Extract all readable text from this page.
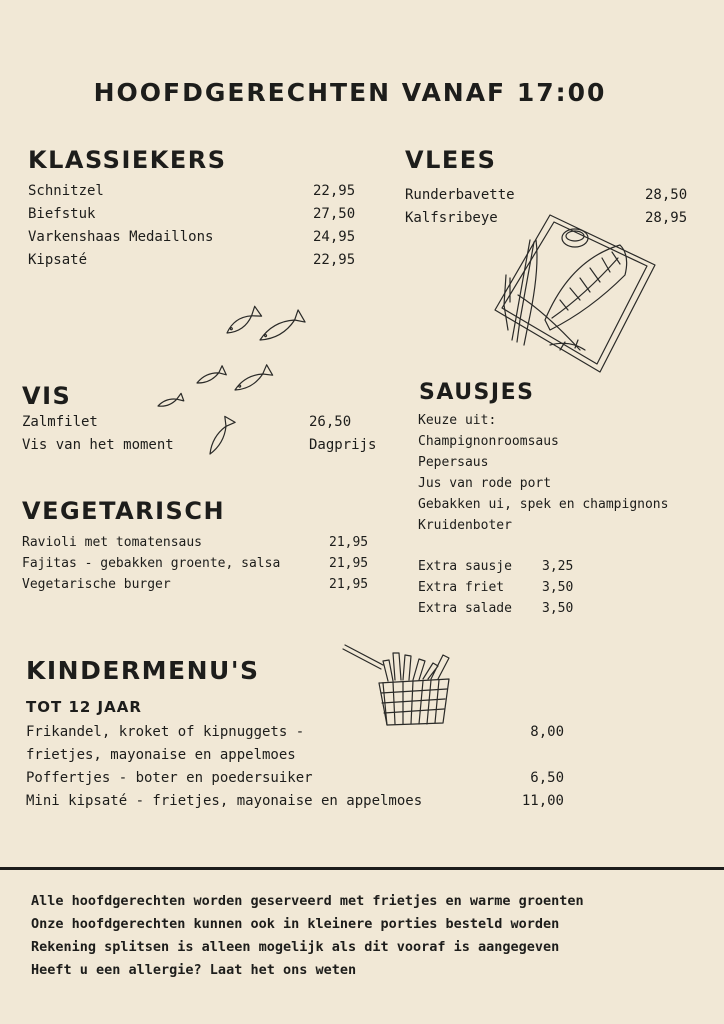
HOOFDGERECHTEN VANAF 17:00
KLASSIEKERS
Schnitzel
Biefstuk
Varkenshaas Medaillons
Kipsaté
22,95
27,50
24,95
22,95
VLEES
Runderbavette
Kalfsribeye
28,50
28,95
VIS
Zalmfilet
Vis van het moment
26,50
Dagprijs
SAUSJES
Keuze uit:
Champignonroomsaus
Pepersaus
Jus van rode port
Gebakken ui, spek en champignons
Kruidenboter
Extra sausje
Extra friet
Extra salade
3,25
3,50
3,50
VEGETARISCH
Ravioli met tomatensaus
Fajitas - gebakken groente, salsa
Vegetarische burger
21,95
21,95
21,95
KINDERMENU'S
TOT 12 JAAR
Frikandel, kroket of kipnuggets -
frietjes, mayonaise en appelmoes
Poffertjes - boter en poedersuiker
Mini kipsaté - frietjes, mayonaise en appelmoes
8,00

6,50
11,00
Alle hoofdgerechten worden geserveerd met frietjes en warme groenten
Onze hoofdgerechten kunnen ook in kleinere porties besteld worden
Rekening splitsen is alleen mogelijk als dit vooraf is aangegeven
Heeft u een allergie? Laat het ons weten
